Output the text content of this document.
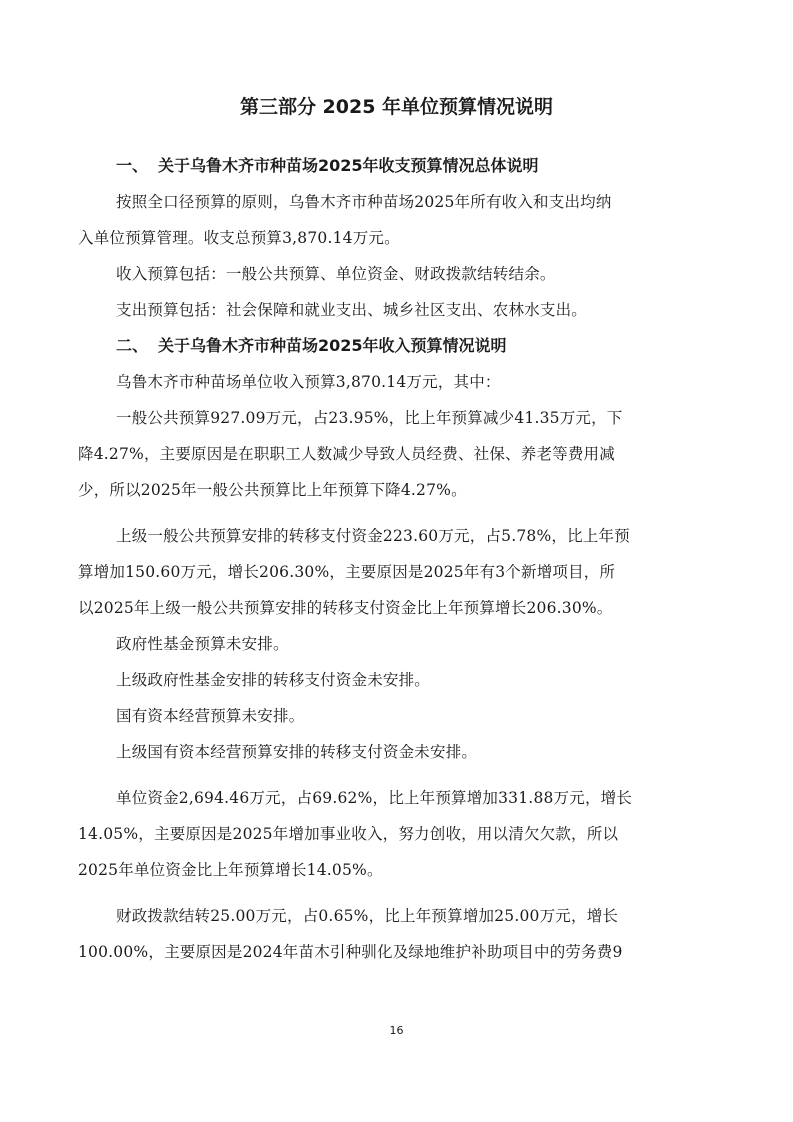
第三部分 2025 年单位预算情况说明

一、 关于乌鲁木齐市种苗场2025年收支预算情况总体说明

按照全口径预算的原则，乌鲁木齐市种苗场2025年所有收入和支出均纳

入单位预算管理。收支总预算3,870.14万元。

收入预算包括：一般公共预算、单位资金、财政拨款结转结余。

支出预算包括：社会保障和就业支出、城乡社区支出、农林水支出。

二、 关于乌鲁木齐市种苗场2025年收入预算情况说明

乌鲁木齐市种苗场单位收入预算3,870.14万元，其中：

一般公共预算927.09万元，占23.95%，比上年预算减少41.35万元，下

降4.27%，主要原因是在职职工人数减少导致人员经费、社保、养老等费用减

少，所以2025年一般公共预算比上年预算下降4.27%。

上级一般公共预算安排的转移支付资金223.60万元，占5.78%，比上年预

算增加150.60万元，增长206.30%，主要原因是2025年有3个新增项目，所

以2025年上级一般公共预算安排的转移支付资金比上年预算增长206.30%。

政府性基金预算未安排。

上级政府性基金安排的转移支付资金未安排。

国有资本经营预算未安排。

上级国有资本经营预算安排的转移支付资金未安排。

单位资金2,694.46万元，占69.62%，比上年预算增加331.88万元，增长

14.05%，主要原因是2025年增加事业收入，努力创收，用以清欠欠款，所以

2025年单位资金比上年预算增长14.05%。

财政拨款结转25.00万元，占0.65%，比上年预算增加25.00万元，增长

100.00%，主要原因是2024年苗木引种驯化及绿地维护补助项目中的劳务费9

16
